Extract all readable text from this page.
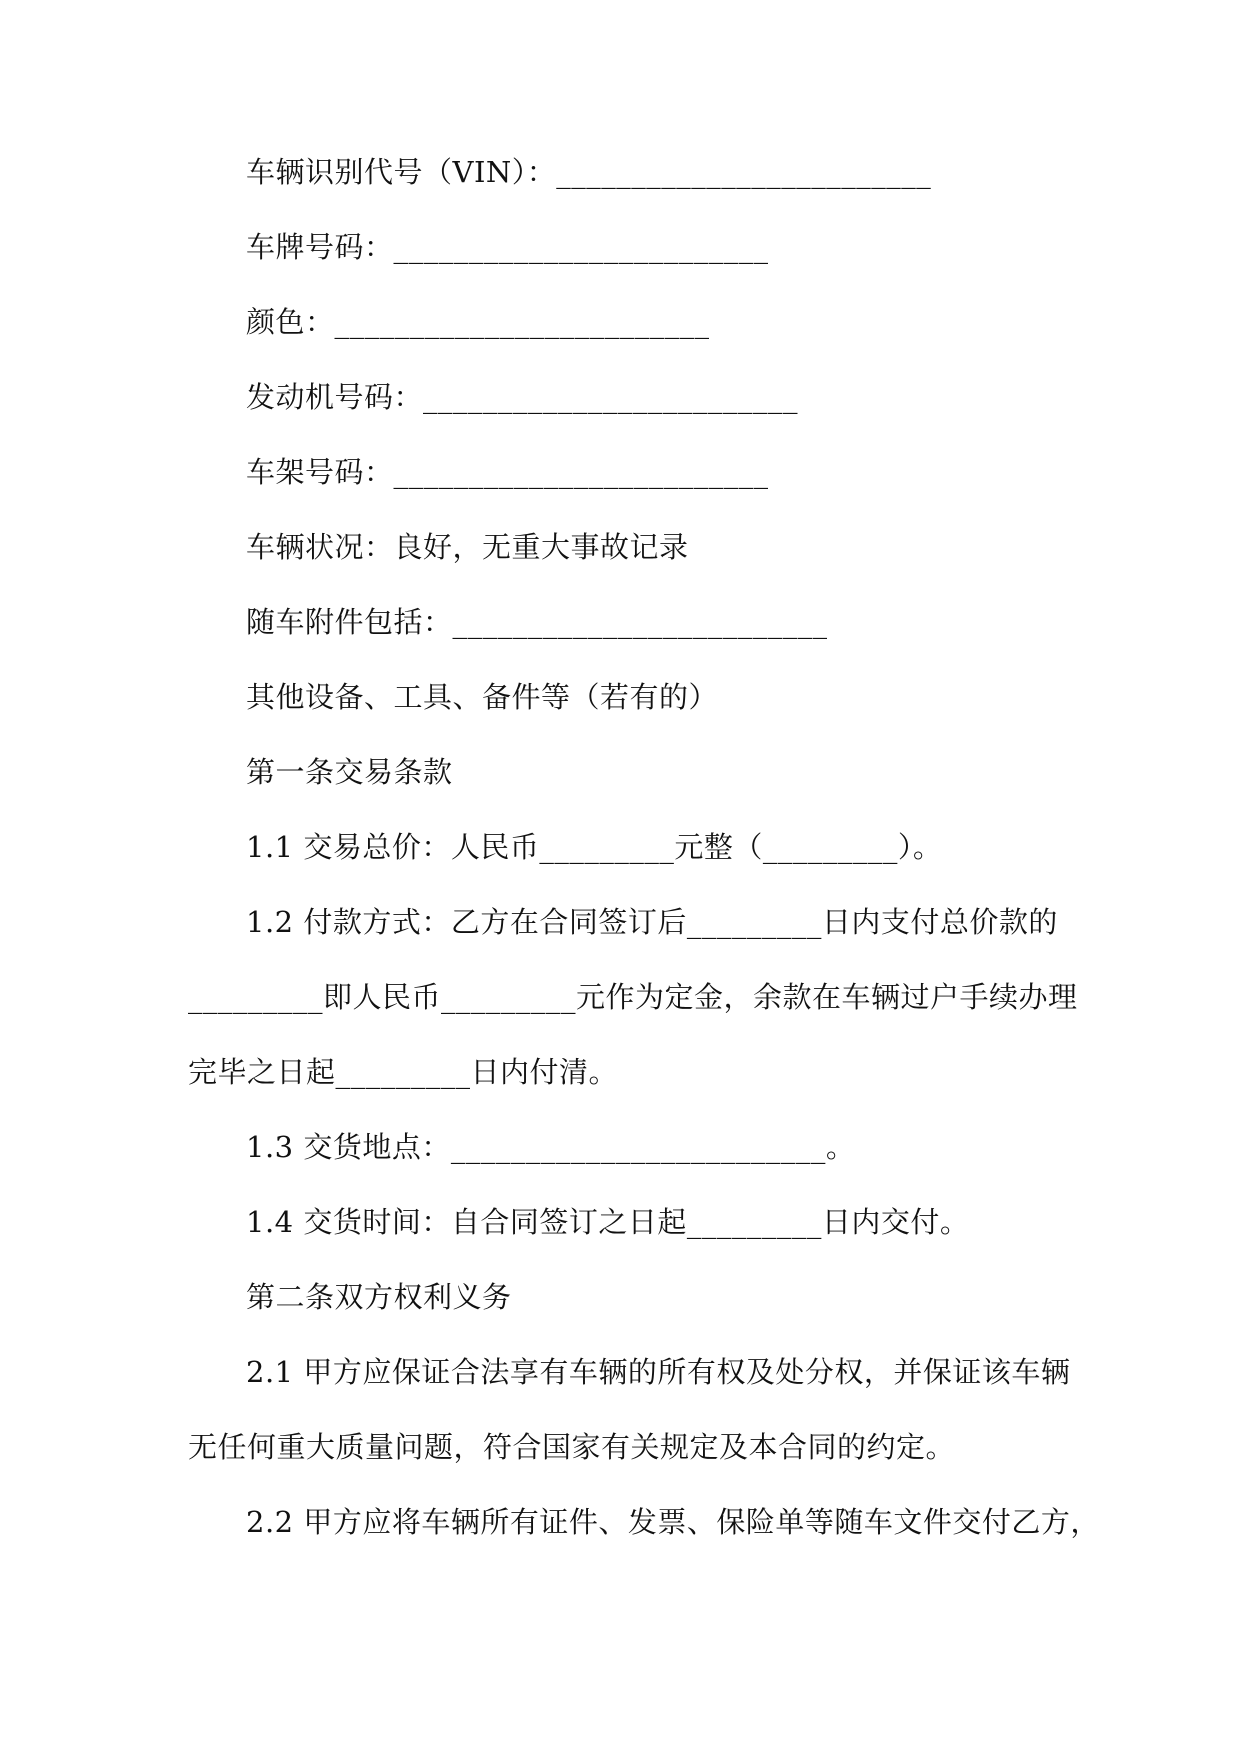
车辆识别代号（VIN）：_________________________
车牌号码：_________________________
颜色：_________________________
发动机号码：_________________________
车架号码：_________________________
车辆状况：良好，无重大事故记录
随车附件包括：_________________________
其他设备、工具、备件等（若有的）
第一条交易条款
1.1 交易总价：人民币_________元整（_________）。
1.2 付款方式：乙方在合同签订后_________日内支付总价款的
_________即人民币_________元作为定金，余款在车辆过户手续办理
完毕之日起_________日内付清。
1.3 交货地点：_________________________。
1.4 交货时间：自合同签订之日起_________日内交付。
第二条双方权利义务
2.1 甲方应保证合法享有车辆的所有权及处分权，并保证该车辆
无任何重大质量问题，符合国家有关规定及本合同的约定。
2.2 甲方应将车辆所有证件、发票、保险单等随车文件交付乙方，
